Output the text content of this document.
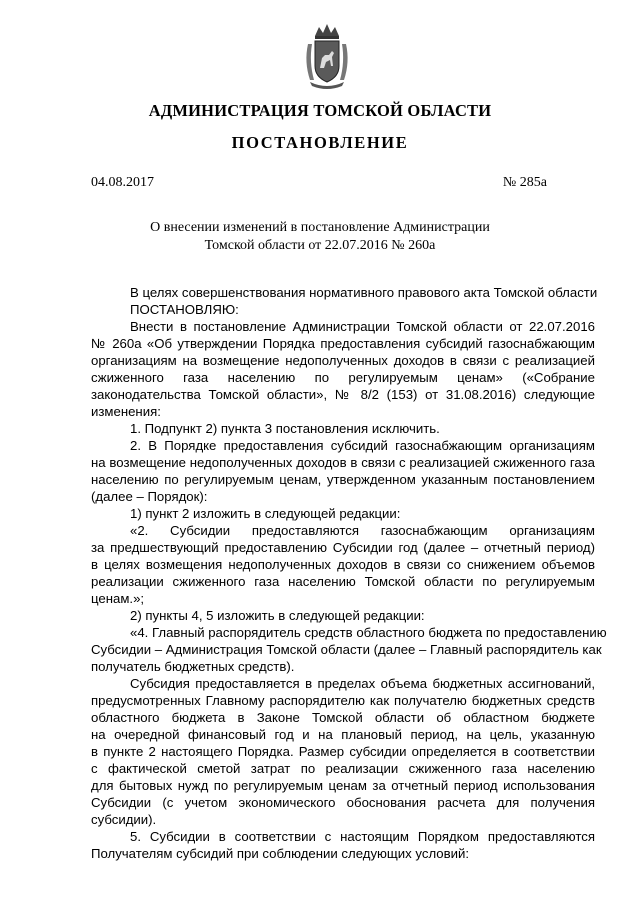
АДМИНИСТРАЦИЯ ТОМСКОЙ ОБЛАСТИ
ПОСТАНОВЛЕНИЕ
04.08.2017	№ 285а
О внесении изменений в постановление Администрации
Томской области от 22.07.2016 № 260а
В целях совершенствования нормативного правового акта Томской области
ПОСТАНОВЛЯЮ:
Внести в постановление Администрации Томской области от 22.07.2016
№ 260а «Об утверждении Порядка предоставления субсидий газоснабжающим
организациям на возмещение недополученных доходов в связи с реализацией
сжиженного газа населению по регулируемым ценам» («Собрание
законодательства Томской области», № 8/2 (153) от 31.08.2016) следующие
изменения:
1. Подпункт 2) пункта 3 постановления исключить.
2. В Порядке предоставления субсидий газоснабжающим организациям
на возмещение недополученных доходов в связи с реализацией сжиженного газа
населению по регулируемым ценам, утвержденном указанным постановлением
(далее – Порядок):
1) пункт 2 изложить в следующей редакции:
«2. Субсидии предоставляются газоснабжающим организациям
за предшествующий предоставлению Субсидии год (далее – отчетный период)
в целях возмещения недополученных доходов в связи со снижением объемов
реализации сжиженного газа населению Томской области по регулируемым
ценам.»;
2) пункты 4, 5 изложить в следующей редакции:
«4. Главный распорядитель средств областного бюджета по предоставлению
Субсидии – Администрация Томской области (далее – Главный распорядитель как
получатель бюджетных средств).
Субсидия предоставляется в пределах объема бюджетных ассигнований,
предусмотренных Главному распорядителю как получателю бюджетных средств
областного бюджета в Законе Томской области об областном бюджете
на очередной финансовый год и на плановый период, на цель, указанную
в пункте 2 настоящего Порядка. Размер субсидии определяется в соответствии
с фактической сметой затрат по реализации сжиженного газа населению
для бытовых нужд по регулируемым ценам за отчетный период использования
Субсидии (с учетом экономического обоснования расчета для получения
субсидии).
5. Субсидии в соответствии с настоящим Порядком предоставляются
Получателям субсидий при соблюдении следующих условий:
